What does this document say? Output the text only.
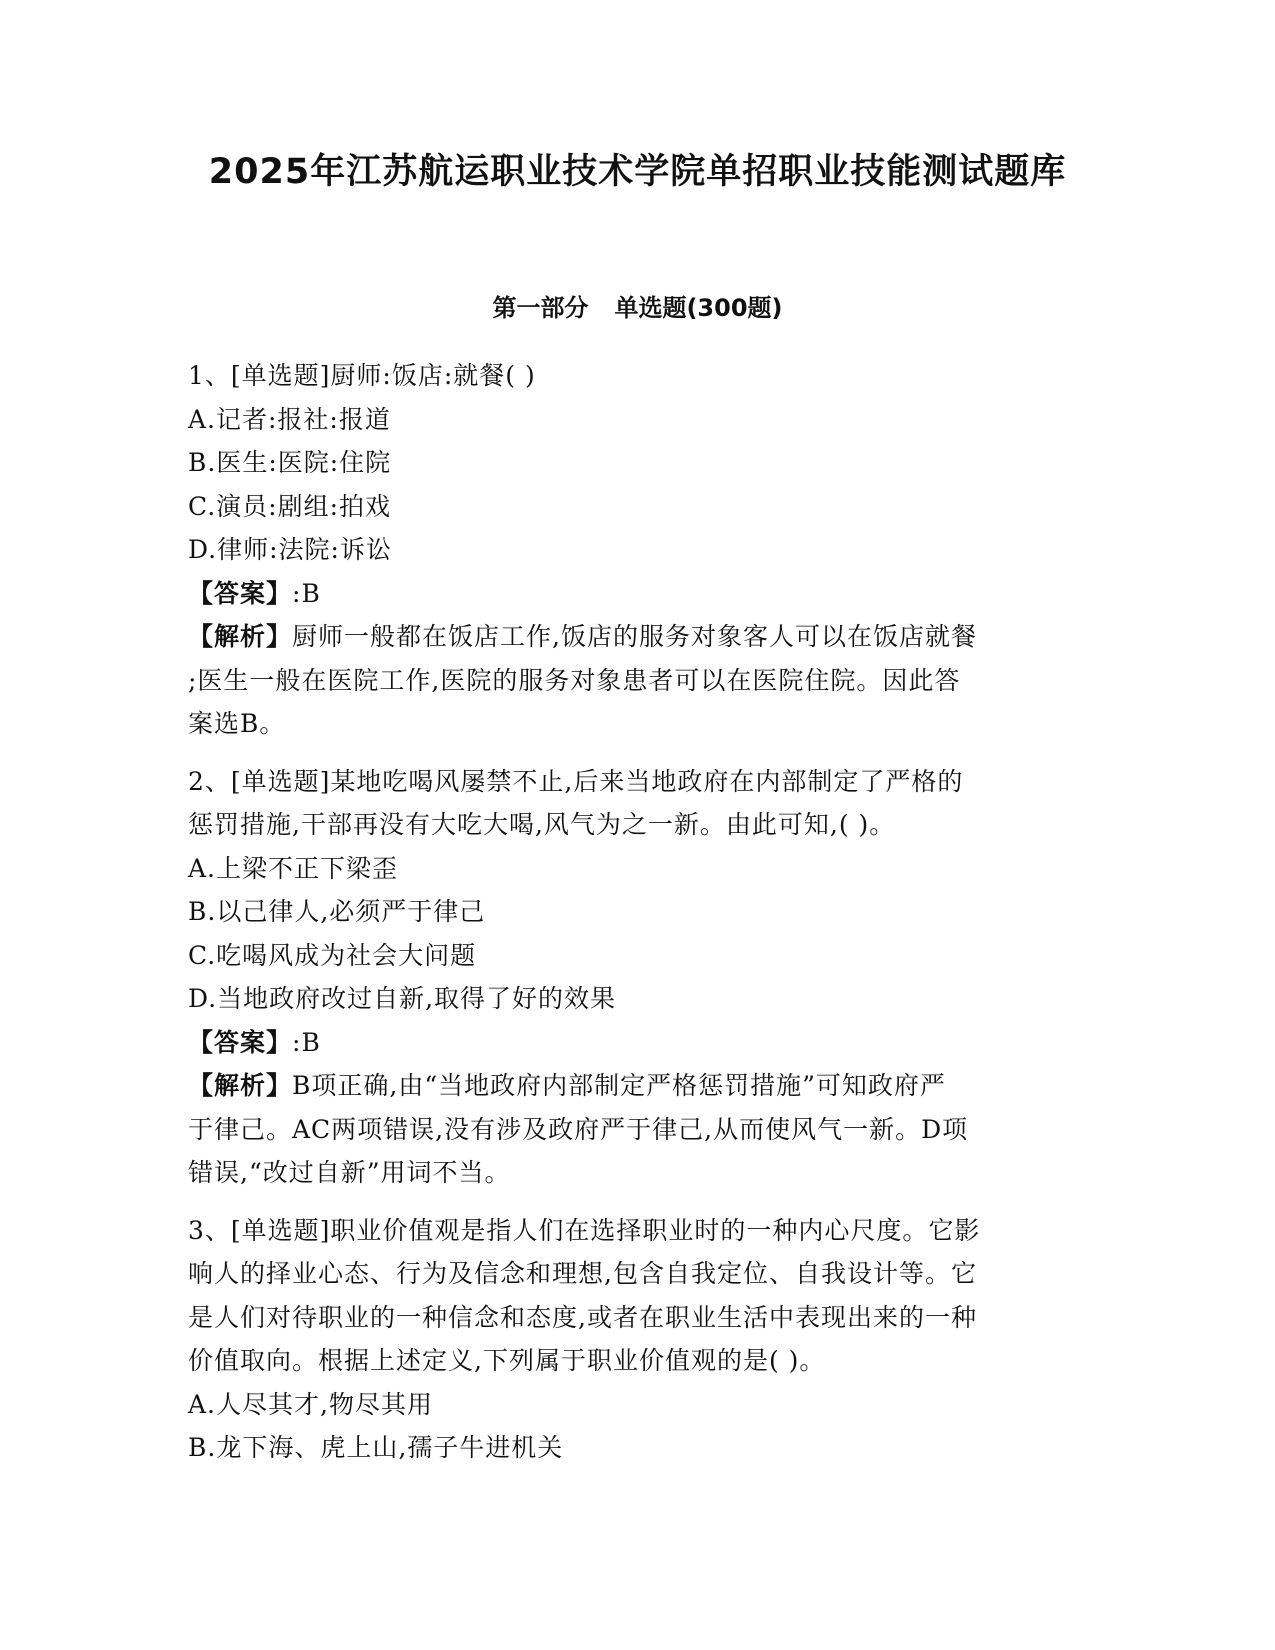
2025年江苏航运职业技术学院单招职业技能测试题库
第一部分 单选题(300题)
1、[单选题]厨师:饭店:就餐( )
A.记者:报社:报道
B.医生:医院:住院
C.演员:剧组:拍戏
D.律师:法院:诉讼
【答案】:B
【解析】厨师一般都在饭店工作,饭店的服务对象客人可以在饭店就餐
;医生一般在医院工作,医院的服务对象患者可以在医院住院。因此答
案选B。
2、[单选题]某地吃喝风屡禁不止,后来当地政府在内部制定了严格的
惩罚措施,干部再没有大吃大喝,风气为之一新。由此可知,( )。
A.上梁不正下梁歪
B.以己律人,必须严于律己
C.吃喝风成为社会大问题
D.当地政府改过自新,取得了好的效果
【答案】:B
【解析】B项正确,由“当地政府内部制定严格惩罚措施”可知政府严
于律己。AC两项错误,没有涉及政府严于律己,从而使风气一新。D项
错误,“改过自新”用词不当。
3、[单选题]职业价值观是指人们在选择职业时的一种内心尺度。它影
响人的择业心态、行为及信念和理想,包含自我定位、自我设计等。它
是人们对待职业的一种信念和态度,或者在职业生活中表现出来的一种
价值取向。根据上述定义,下列属于职业价值观的是( )。
A.人尽其才,物尽其用
B.龙下海、虎上山,孺子牛进机关
